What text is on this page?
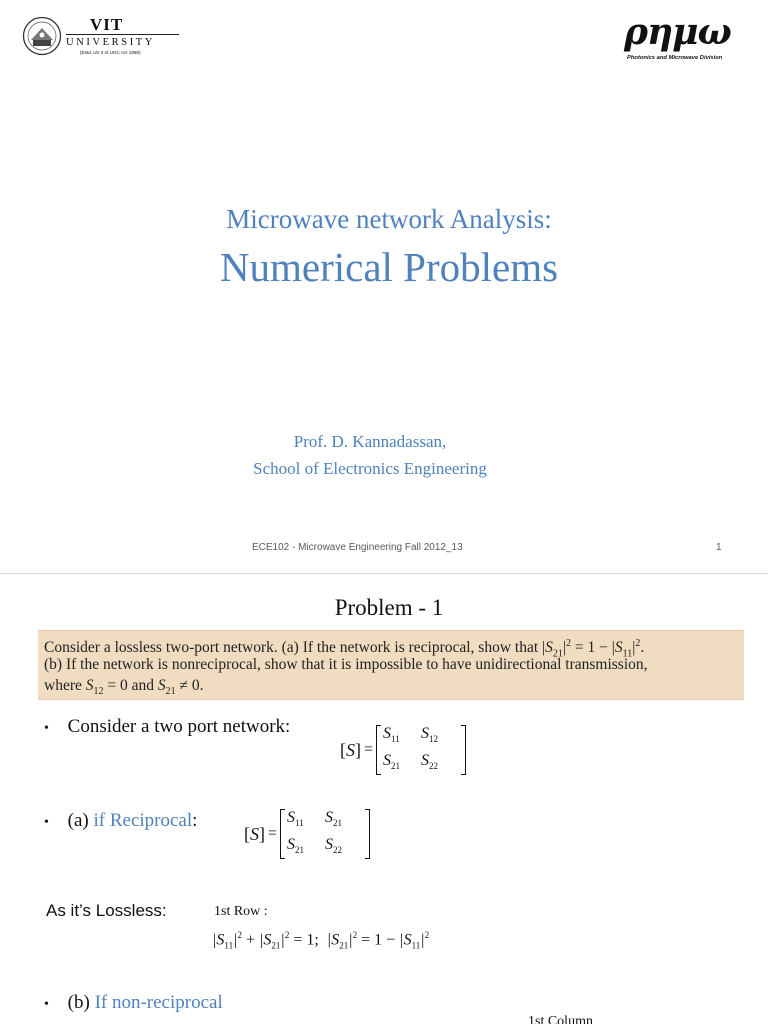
VIT
UNIVERSITY
(Estd. u/s 3 of UGC Act 1956)	ρημω
Photonics and Microwave Division
Microwave network Analysis:
Numerical Problems
Prof. D. Kannadassan,
School of Electronics Engineering
ECE102 - Microwave Engineering Fall 2012_13	1
Problem - 1
Consider a lossless two-port network. (a) If the network is reciprocal, show that $|S_{21}|^2 = 1 - |S_{11}|^2$.
(b) If the network is nonreciprocal, show that it is impossible to have unidirectional transmission,
where $S_{12} = 0$ and $S_{21} \ne 0$.
• Consider a two port network:
[ S ] =
$S_{11}$	$S_{12}$
$S_{21}$	$S_{22}$
• (a) if Reciprocal:
[ S ] =
$S_{11}$	$S_{21}$
$S_{21}$	$S_{22}$
As it’s Lossless:	1st Row :
$|S_{11}|^2 + |S_{21}|^2 = 1$; $|S_{21}|^2 = 1 - |S_{11}|^2$
• (b) If non-reciprocal
1st Column
